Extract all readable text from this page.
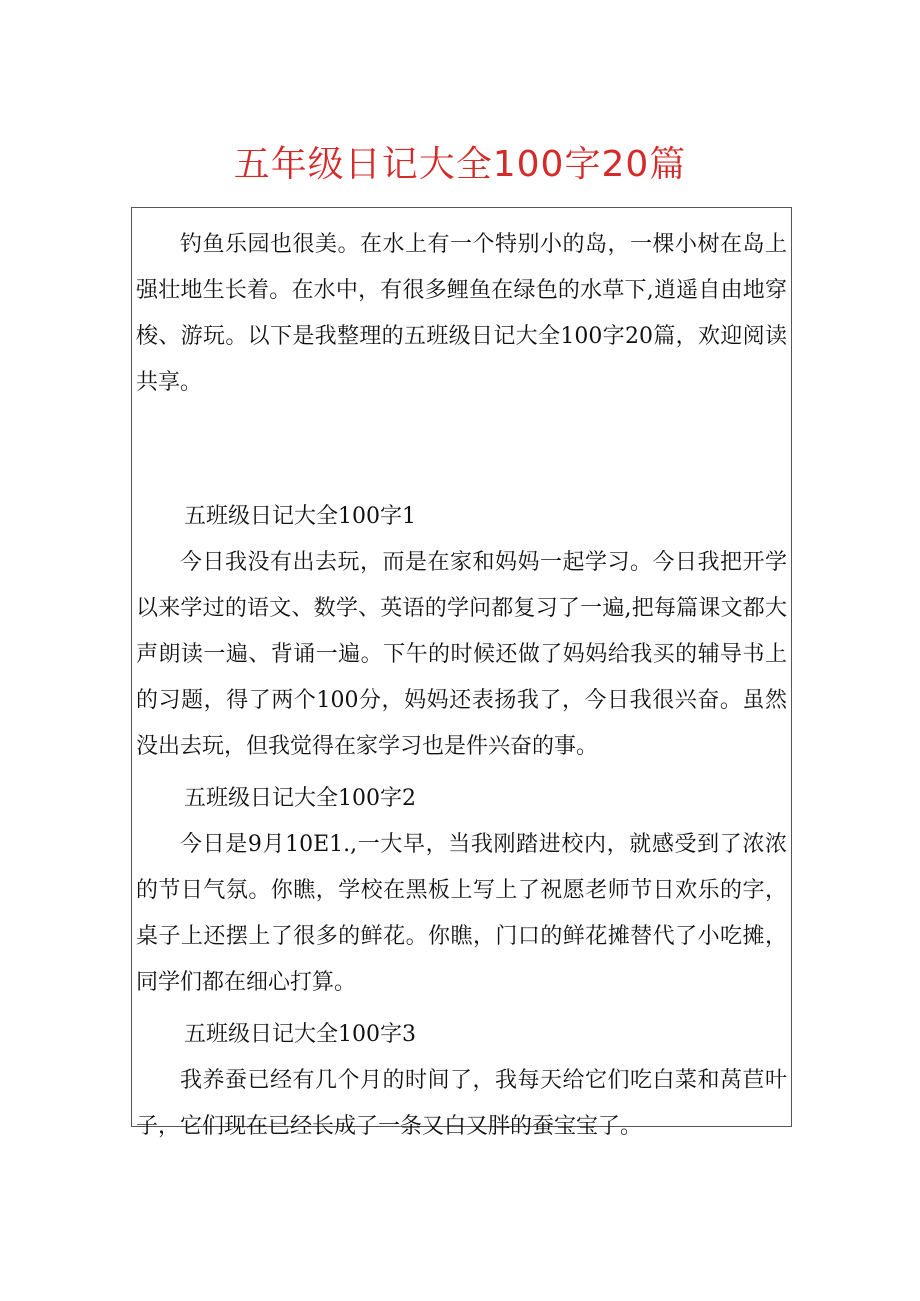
五年级日记大全100字20篇

钓鱼乐园也很美。在水上有一个特别小的岛，一棵小树在岛上强壮地生长着。在水中，有很多鲤鱼在绿色的水草下,逍遥自由地穿梭、游玩。以下是我整理的五班级日记大全100字20篇，欢迎阅读共享。

五班级日记大全100字1

今日我没有出去玩，而是在家和妈妈一起学习。今日我把开学以来学过的语文、数学、英语的学问都复习了一遍,把每篇课文都大声朗读一遍、背诵一遍。下午的时候还做了妈妈给我买的辅导书上的习题，得了两个100分，妈妈还表扬我了，今日我很兴奋。虽然没出去玩，但我觉得在家学习也是件兴奋的事。

五班级日记大全100字2

今日是9月10E1.,一大早，当我刚踏进校内，就感受到了浓浓的节日气氛。你瞧，学校在黑板上写上了祝愿老师节日欢乐的字，桌子上还摆上了很多的鲜花。你瞧，门口的鲜花摊替代了小吃摊，同学们都在细心打算。

五班级日记大全100字3

我养蚕已经有几个月的时间了，我每天给它们吃白菜和莴苣叶子，它们现在已经长成了一条又白又胖的蚕宝宝了。
